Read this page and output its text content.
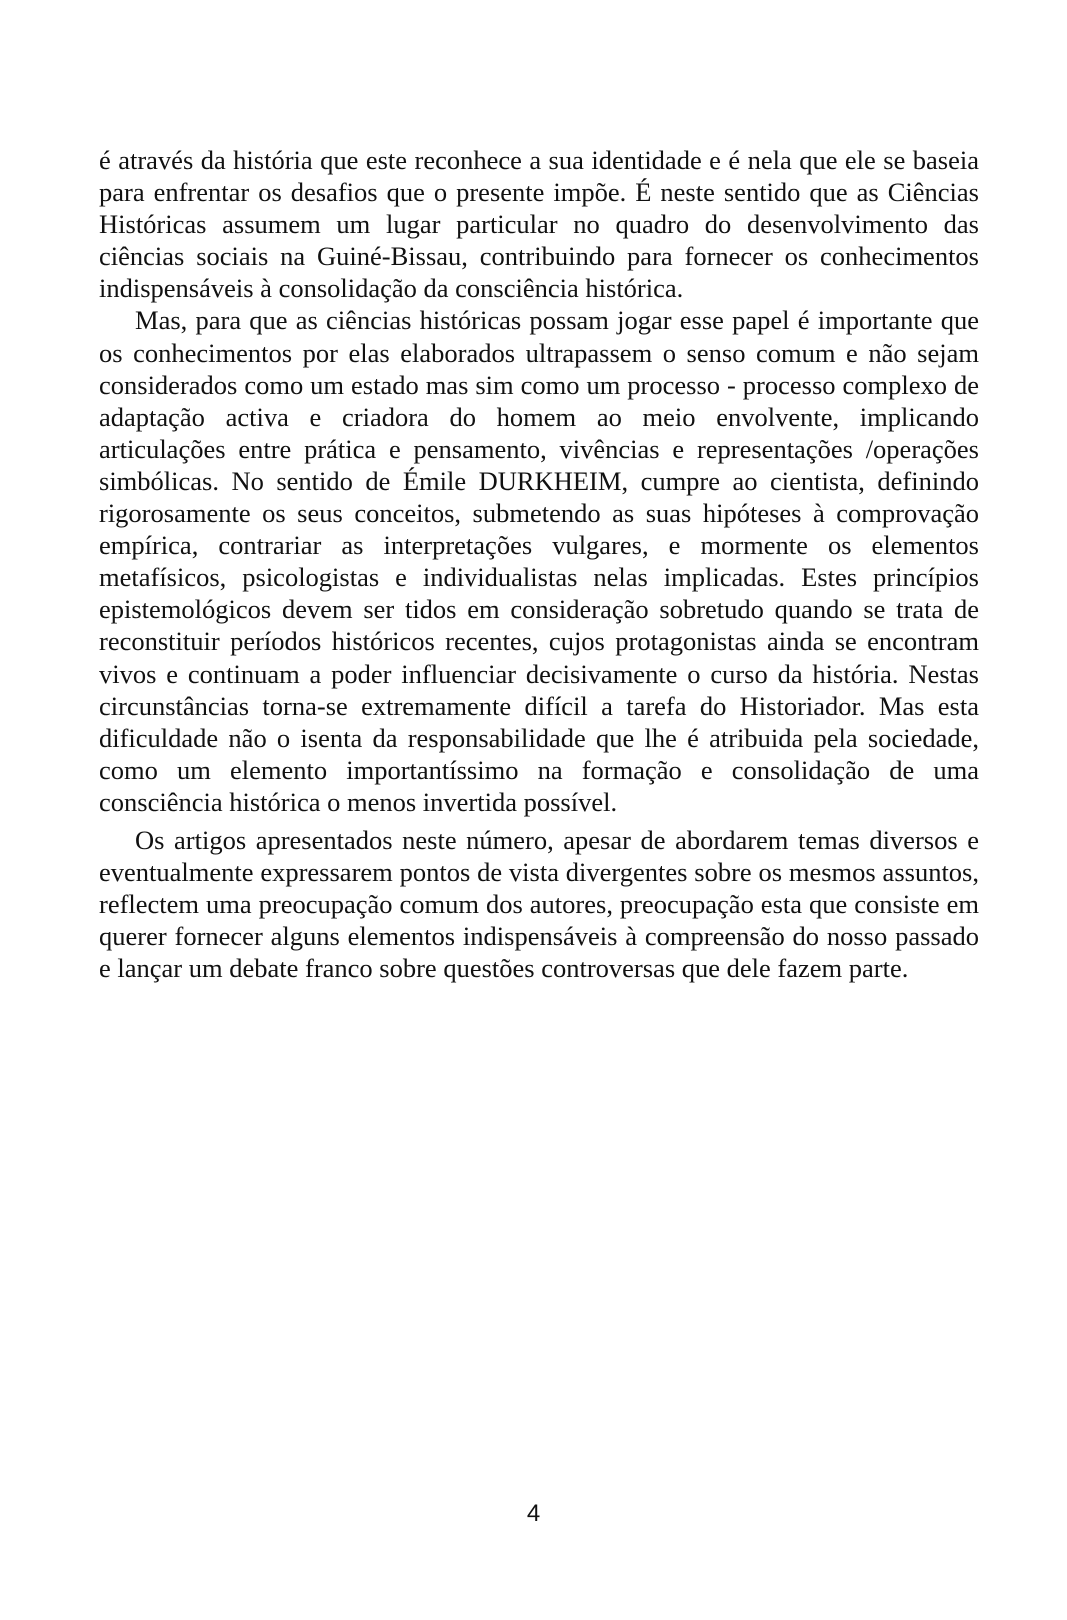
é através da história que este reconhece a sua identidade e é nela que ele se baseia para enfrentar os desafios que o presente impõe. É neste sentido que as Ciências Históricas assumem um lugar particular no quadro do desenvolvimento das ciências sociais na Guiné-Bissau, contribuindo para fornecer os conhecimentos indispensáveis à consolidação da consciência histórica.

Mas, para que as ciências históricas possam jogar esse papel é importante que os conhecimentos por elas elaborados ultrapassem o senso comum e não sejam considerados como um estado mas sim como um processo - processo complexo de adaptação activa e criadora do homem ao meio envolvente, implicando articulações entre prática e pensamento, vivências e representações /operações simbólicas. No sentido de Émile DURKHEIM, cumpre ao cientista, definindo rigorosamente os seus conceitos, submetendo as suas hipóteses à comprovação empírica, contrariar as interpretações vulgares, e mormente os elementos metafísicos, psicologistas e individualistas nelas implicadas. Estes princípios epistemológicos devem ser tidos em consideração sobretudo quando se trata de reconstituir períodos históricos recentes, cujos protagonistas ainda se encontram vivos e continuam a poder influenciar decisivamente o curso da história. Nestas circunstâncias torna-se extremamente difícil a tarefa do Historiador. Mas esta dificuldade não o isenta da responsabilidade que lhe é atribuida pela sociedade, como um elemento importantíssimo na formação e consolidação de uma consciência histórica o menos invertida possível.

Os artigos apresentados neste número, apesar de abordarem temas diversos e eventualmente expressarem pontos de vista divergentes sobre os mesmos assuntos, reflectem uma preocupação comum dos autores, preocupação esta que consiste em querer fornecer alguns elementos indispensáveis à compreensão do nosso passado e lançar um debate franco sobre questões controversas que dele fazem parte.

4
